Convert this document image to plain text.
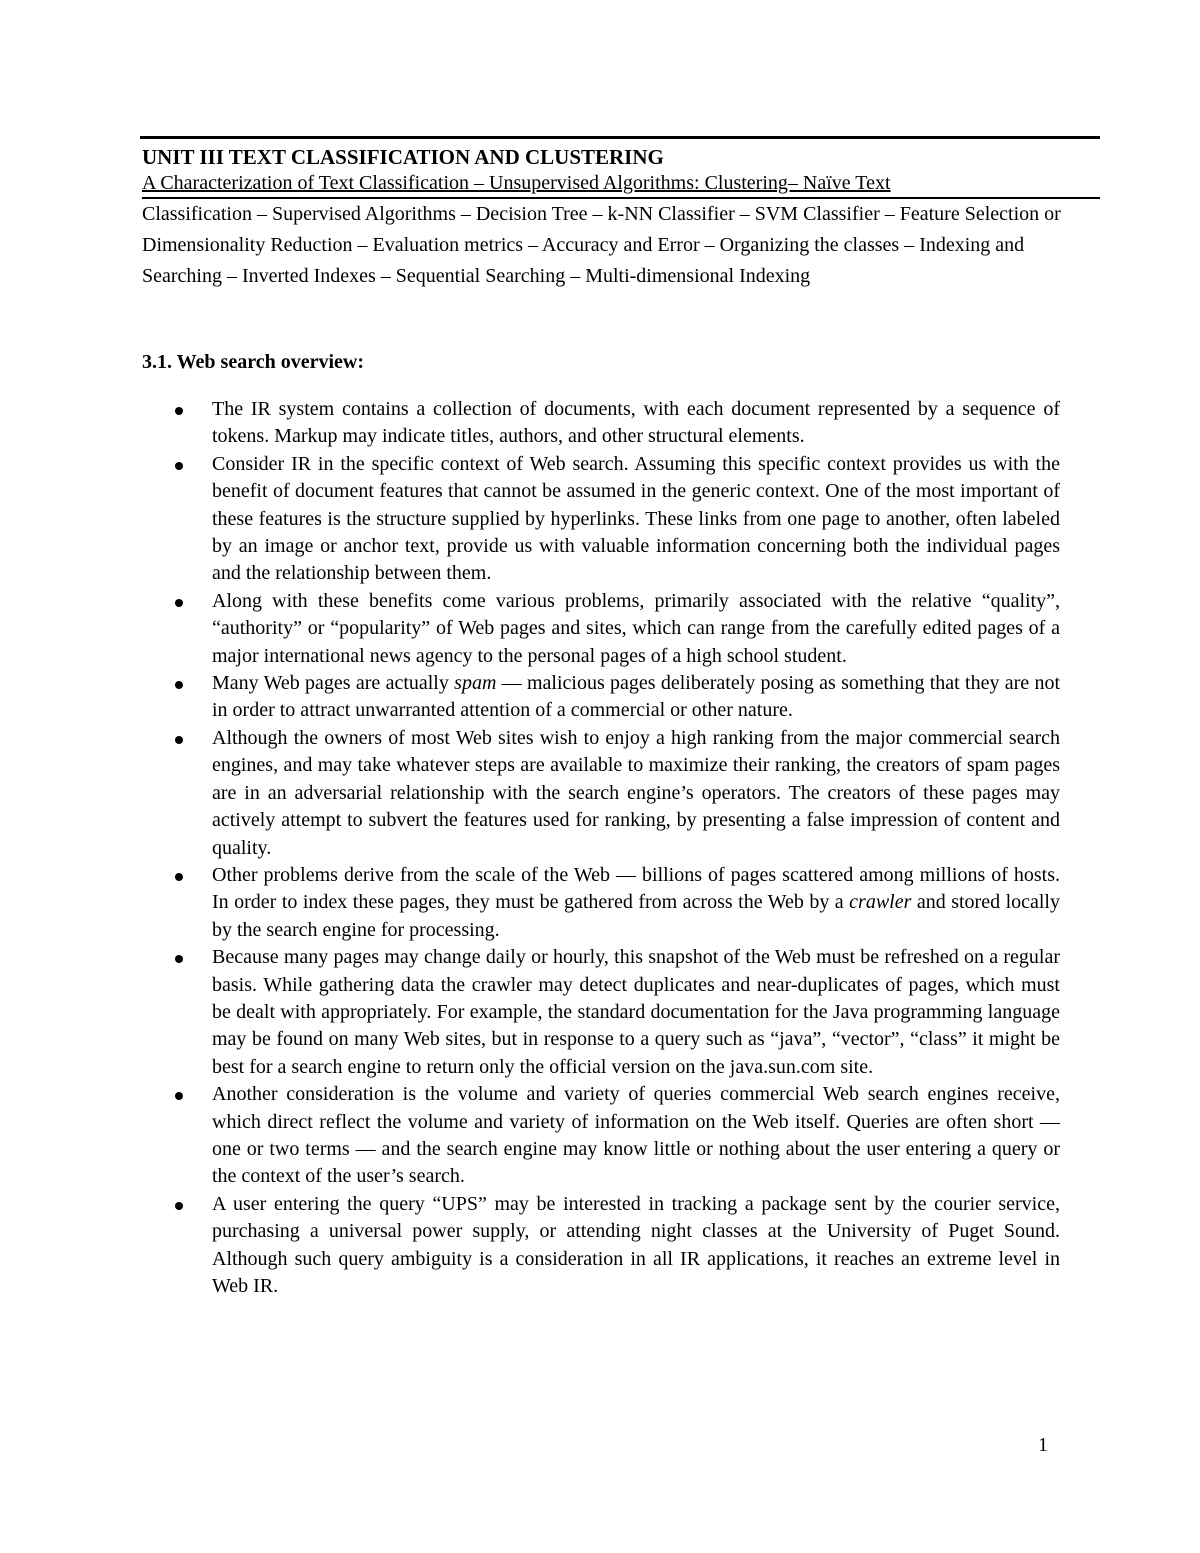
UNIT III TEXT CLASSIFICATION AND CLUSTERING
A Characterization of Text Classification – Unsupervised Algorithms: Clustering– Naïve Text
Classification – Supervised Algorithms – Decision Tree – k-NN Classifier – SVM Classifier – Feature Selection or Dimensionality Reduction – Evaluation metrics – Accuracy and Error – Organizing the classes – Indexing and Searching – Inverted Indexes – Sequential Searching – Multi-dimensional Indexing
3.1. Web search overview:
The IR system contains a collection of documents, with each document represented by a sequence of tokens. Markup may indicate titles, authors, and other structural elements.
Consider IR in the specific context of Web search. Assuming this specific context provides us with the benefit of document features that cannot be assumed in the generic context. One of the most important of these features is the structure supplied by hyperlinks. These links from one page to another, often labeled by an image or anchor text, provide us with valuable information concerning both the individual pages and the relationship between them.
Along with these benefits come various problems, primarily associated with the relative “quality”, “authority” or “popularity” of Web pages and sites, which can range from the carefully edited pages of a major international news agency to the personal pages of a high school student.
Many Web pages are actually spam — malicious pages deliberately posing as something that they are not in order to attract unwarranted attention of a commercial or other nature.
Although the owners of most Web sites wish to enjoy a high ranking from the major commercial search engines, and may take whatever steps are available to maximize their ranking, the creators of spam pages are in an adversarial relationship with the search engine’s operators. The creators of these pages may actively attempt to subvert the features used for ranking, by presenting a false impression of content and quality.
Other problems derive from the scale of the Web — billions of pages scattered among millions of hosts. In order to index these pages, they must be gathered from across the Web by a crawler and stored locally by the search engine for processing.
Because many pages may change daily or hourly, this snapshot of the Web must be refreshed on a regular basis. While gathering data the crawler may detect duplicates and near-duplicates of pages, which must be dealt with appropriately. For example, the standard documentation for the Java programming language may be found on many Web sites, but in response to a query such as “java”, “vector”, “class” it might be best for a search engine to return only the official version on the java.sun.com site.
Another consideration is the volume and variety of queries commercial Web search engines receive, which direct reflect the volume and variety of information on the Web itself. Queries are often short — one or two terms — and the search engine may know little or nothing about the user entering a query or the context of the user’s search.
A user entering the query “UPS” may be interested in tracking a package sent by the courier service, purchasing a universal power supply, or attending night classes at the University of Puget Sound. Although such query ambiguity is a consideration in all IR applications, it reaches an extreme level in Web IR.
1
